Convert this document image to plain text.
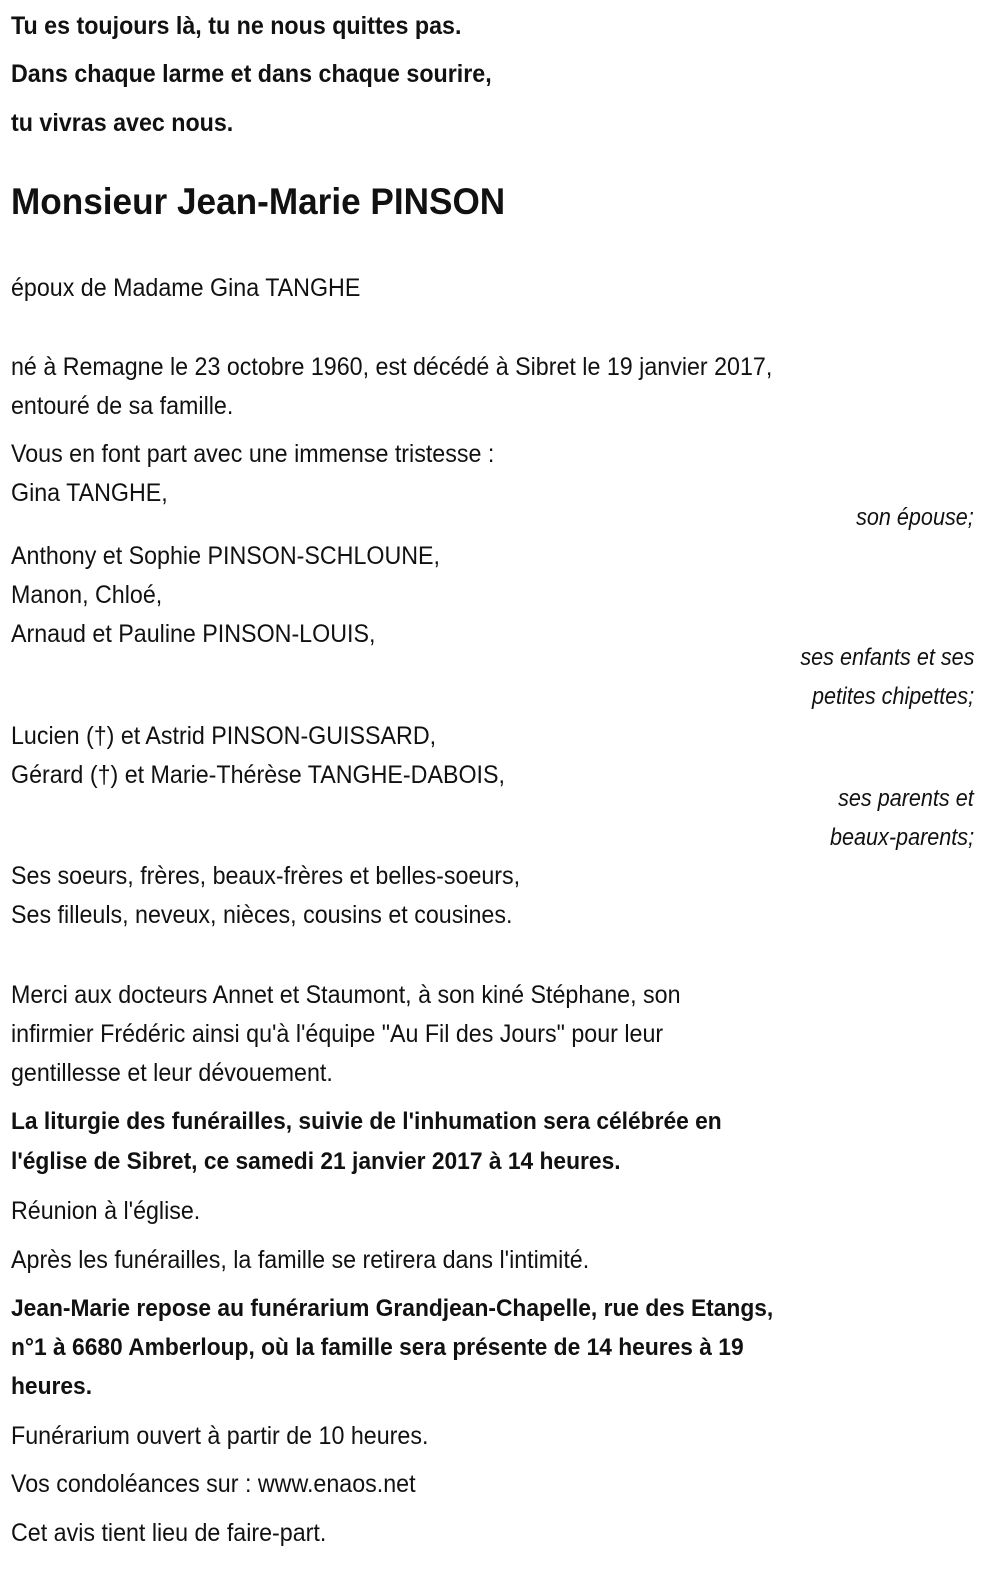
Tu es toujours là, tu ne nous quittes pas.
Dans chaque larme et dans chaque sourire,
tu vivras avec nous.
Monsieur Jean-Marie PINSON
époux de Madame Gina TANGHE
né à Remagne le 23 octobre 1960, est décédé à Sibret le 19 janvier 2017,
entouré de sa famille.
Vous en font part avec une immense tristesse :
Gina TANGHE,
son épouse;
Anthony et Sophie PINSON-SCHLOUNE,
Manon, Chloé,
Arnaud et Pauline PINSON-LOUIS,
ses enfants et ses
petites chipettes;
Lucien (†) et Astrid PINSON-GUISSARD,
Gérard (†) et Marie-Thérèse TANGHE-DABOIS,
ses parents et
beaux-parents;
Ses soeurs, frères, beaux-frères et belles-soeurs,
Ses filleuls, neveux, nièces, cousins et cousines.
Merci aux docteurs Annet et Staumont, à son kiné Stéphane, son
infirmier Frédéric ainsi qu'à l'équipe "Au Fil des Jours" pour leur
gentillesse et leur dévouement.
La liturgie des funérailles, suivie de l'inhumation sera célébrée en
l'église de Sibret, ce samedi 21 janvier 2017 à 14 heures.
Réunion à l'église.
Après les funérailles, la famille se retirera dans l'intimité.
Jean-Marie repose au funérarium Grandjean-Chapelle, rue des Etangs,
n°1 à 6680 Amberloup, où la famille sera présente de 14 heures à 19
heures.
Funérarium ouvert à partir de 10 heures.
Vos condoléances sur : www.enaos.net
Cet avis tient lieu de faire-part.
